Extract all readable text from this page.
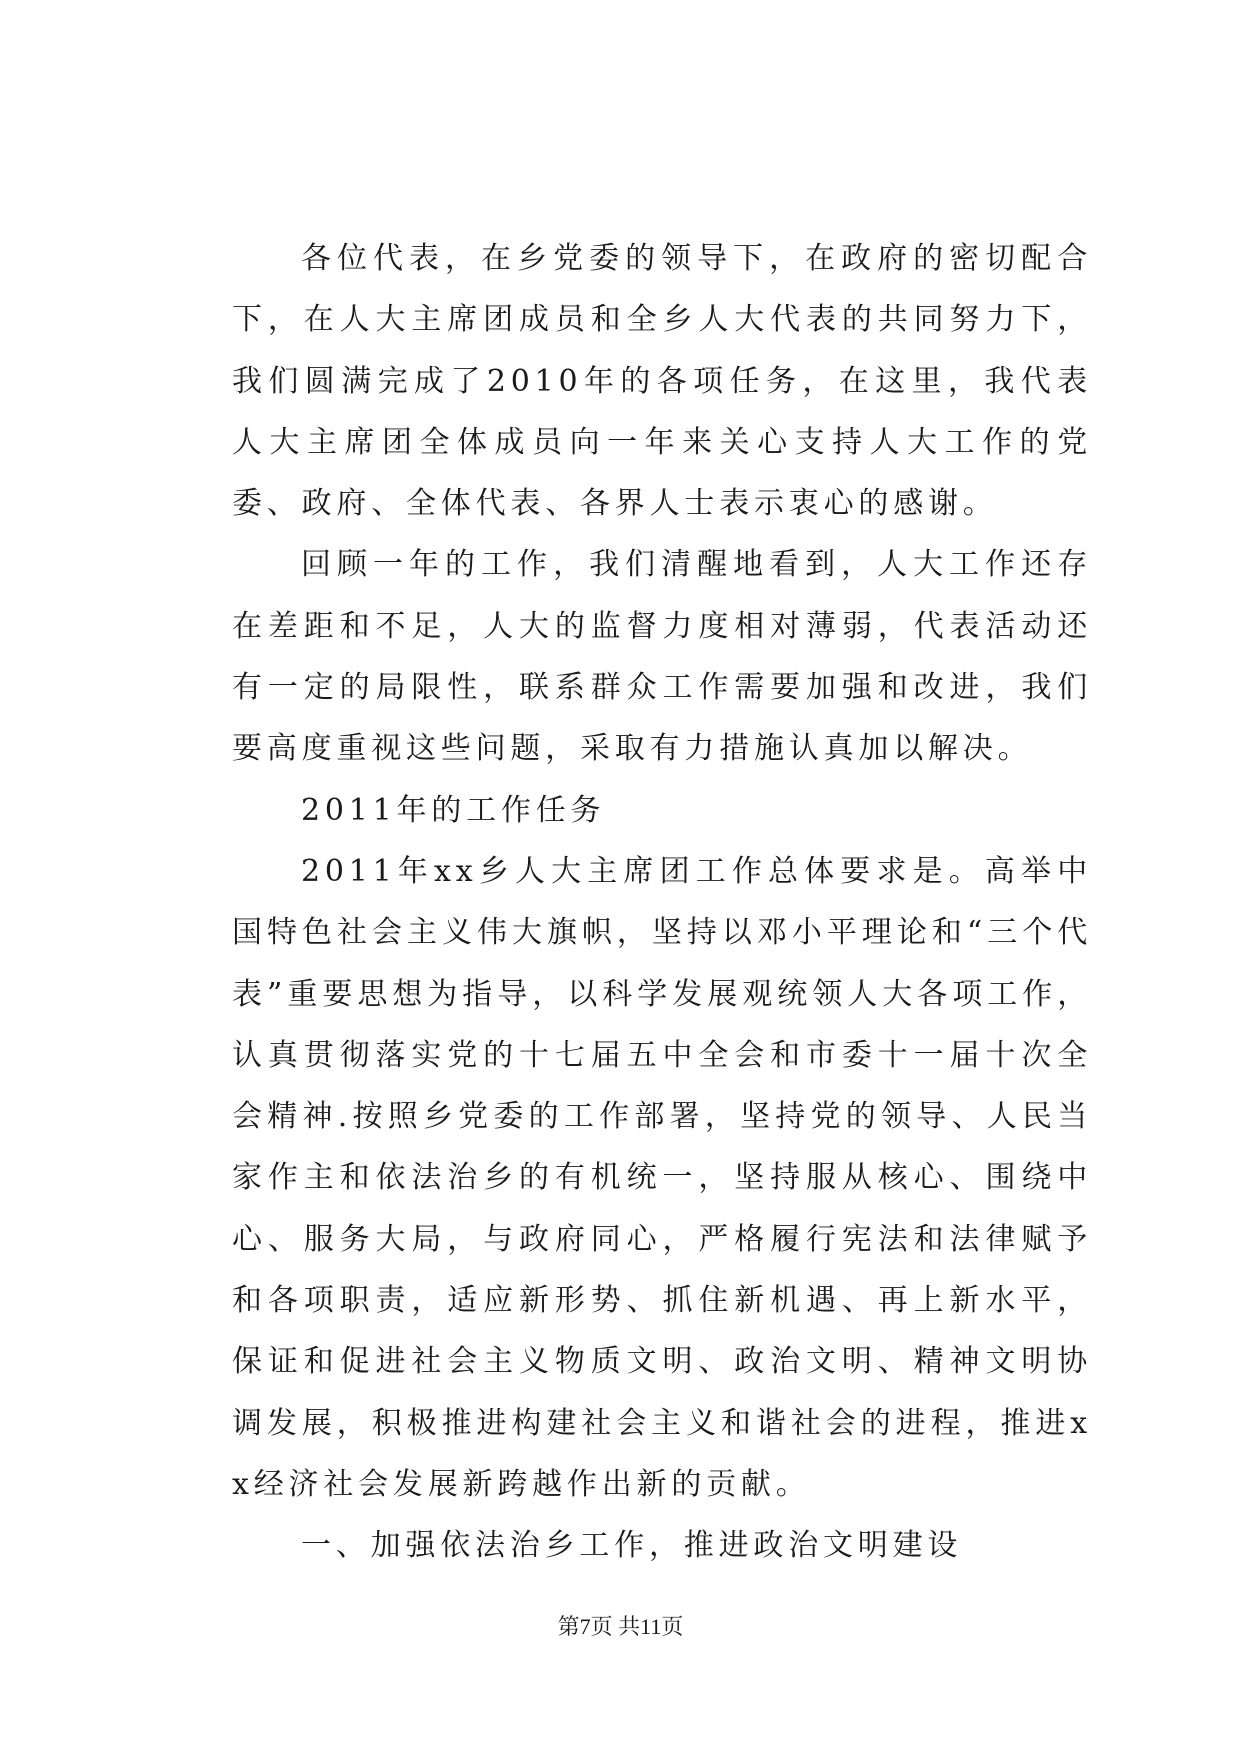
各位代表，在乡党委的领导下，在政府的密切配合下，在人大主席团成员和全乡人大代表的共同努力下，我们圆满完成了2010年的各项任务，在这里，我代表人大主席团全体成员向一年来关心支持人大工作的党委、政府、全体代表、各界人士表示衷心的感谢。

回顾一年的工作，我们清醒地看到，人大工作还存在差距和不足，人大的监督力度相对薄弱，代表活动还有一定的局限性，联系群众工作需要加强和改进，我们要高度重视这些问题，采取有力措施认真加以解决。

2011年的工作任务

2011年xx乡人大主席团工作总体要求是。高举中国特色社会主义伟大旗帜，坚持以邓小平理论和“三个代表”重要思想为指导，以科学发展观统领人大各项工作，认真贯彻落实党的十七届五中全会和市委十一届十次全会精神.按照乡党委的工作部署，坚持党的领导、人民当家作主和依法治乡的有机统一，坚持服从核心、围绕中心、服务大局，与政府同心，严格履行宪法和法律赋予和各项职责，适应新形势、抓住新机遇、再上新水平，保证和促进社会主义物质文明、政治文明、精神文明协调发展，积极推进构建社会主义和谐社会的进程，推进xx经济社会发展新跨越作出新的贡献。

一、加强依法治乡工作，推进政治文明建设

第7页 共11页
